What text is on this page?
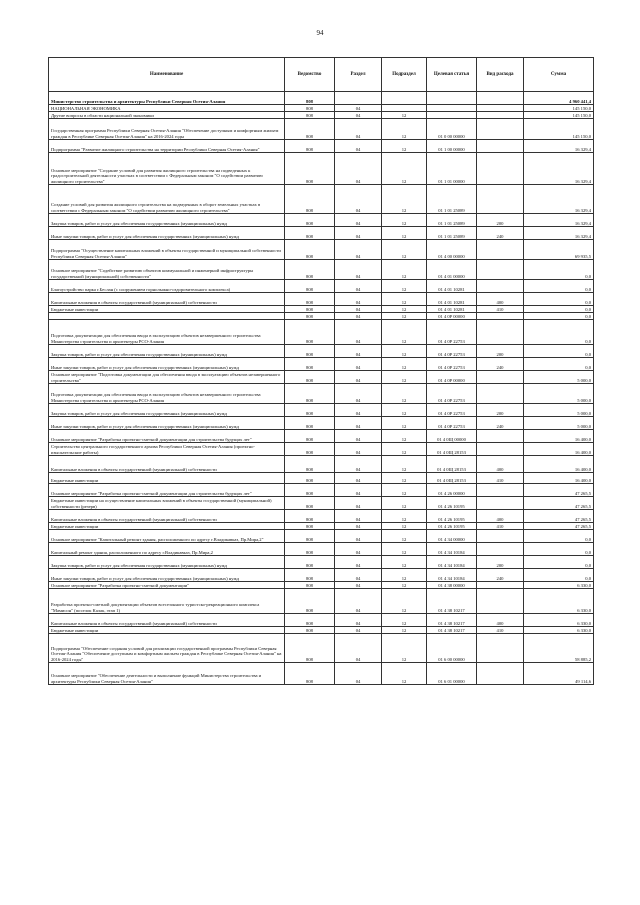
94
Наименование	Ведомство	Раздел	Подраздел	Целевая статья	Вид расхода	Сумма
Министерство строительства и архитектуры Республики Северная Осетия-Алания	808					4 960 441,4
НАЦИОНАЛЬНАЯ ЭКОНОМИКА	808	04				145 150,0
Другие вопросы в области национальной экономики	808	04	12			145 150,0
Государственная программа Республики Северная Осетия-Алания "Обеспечение доступным и комфортным жильем граждан в Республике Северная Осетия-Алания" на 2016-2024 годы	808	04	12	01 0 00 00000		145 150,0
Подпрограмма "Развитие жилищного строительства на территории Республики Северная Осетия-Алания"	808	04	12	01 1 00 00000		16 329,4
Основное мероприятие "Создание условий для развития жилищного строительства на подведенных к градостроительной деятельности участках в соответствии с Федеральным законом "О содействии развитию жилищного строительства"	808	04	12	01 1 01 00000		16 329,4
Создание условий для развития жилищного строительства на подведенных в оборот земельных участках в соответствии с Федеральным законом "О содействии развитию жилищного строительства"	808	04	12	01 1 01 25089		16 329,4
Закупка товаров, работ и услуг для обеспечения государственных (муниципальных) нужд	808	04	12	01 1 01 25089	200	16 329,4
Иные закупки товаров, работ и услуг для обеспечения государственных (муниципальных) нужд	808	04	12	01 1 01 25089	240	16 329,4
Подпрограмма "Осуществление капитальных вложений в объекты государственной и муниципальной собственности Республики Северная Осетия-Алания"	808	04	12	01 4 00 00000		69 935,5
Основное мероприятие "Содействие развитию объектов коммунальной и инженерной инфраструктуры государственной (муниципальной) собственности"	808	04	12	01 4 01 00000		0,0
Благоустройство парка г.Беслан (с сооружением горнолыжно-оздоровительного комплекса)	808	04	12	01 4 01 10281		0,0
Капитальные вложения в объекты государственной (муниципальной) собственности	808	04	12	01 4 01 10281	400	0,0
Бюджетные инвестиции	808	04	12	01 4 01 10281	410	0,0
	808	04	12	01 4 0P 00000		0,0
Подготовка документации для обеспечения ввода в эксплуатацию объектов незавершенного строительства Министерства строительства и архитектуры РСО-Алания	808	04	12	01 4 0P 22753		0,0
Закупка товаров, работ и услуг для обеспечения государственных (муниципальных) нужд	808	04	12	01 4 0P 22753	200	0,0
Иные закупки товаров, работ и услуг для обеспечения государственных (муниципальных) нужд	808	04	12	01 4 0P 22753	240	0,0
Основное мероприятие "Подготовка документации для обеспечения ввода в эксплуатацию объектов незавершенного строительства"	808	04	12	01 4 0P 00000		5 000,0
Подготовка документации для обеспечения ввода в эксплуатацию объектов незавершенного строительства Министерства строительства и архитектуры РСО-Алания	808	04	12	01 4 0P 22753		5 000,0
Закупка товаров, работ и услуг для обеспечения государственных (муниципальных) нужд	808	04	12	01 4 0P 22753	200	5 000,0
Иные закупки товаров, работ и услуг для обеспечения государственных (муниципальных) нужд	808	04	12	01 4 0P 22753	240	5 000,0
Основное мероприятие "Разработка проектно-сметной документации для строительства будущих лет"	808	04	12	01 4 0Щ 00000		16 400,0
Строительство центрального государственного архива Республики Северная Осетия-Алания (проектно-изыскательские работы)	808	04	12	01 4 0Щ 28153		16 400,0
Капитальные вложения в объекты государственной (муниципальной) собственности	808	04	12	01 4 0Щ 28153	400	16 400,0
Бюджетные инвестиции	808	04	12	01 4 0Щ 28153	410	16 400,0
Основное мероприятие "Разработка проектно-сметной документации для строительства будущих лет"	808	04	12	01 4 26 00000		47 265,5
Бюджетные инвестиции на осуществление капитальных вложений в объекты государственной (муниципальной) собственности (резерв)	808	04	12	01 4 26 10195		47 265,5
Капитальные вложения в объекты государственной (муниципальной) собственности	808	04	12	01 4 26 10195	400	47 265,5
Бюджетные инвестиции	808	04	12	01 4 26 10195	410	47 265,5
Основное мероприятие "Капитальный ремонт здания, расположенного по адресу г.Владикавказ, Пр.Мира,2"	808	04	12	01 4 34 00000		0,0
Капитальный ремонт здания, расположенного по адресу г.Владикавказ, Пр.Мира,2	808	04	12	01 4 34 10184		0,0
Закупка товаров, работ и услуг для обеспечения государственных (муниципальных) нужд	808	04	12	01 4 34 10184	200	0,0
Иные закупки товаров, работ и услуг для обеспечения государственных (муниципальных) нужд	808	04	12	01 4 34 10184	240	0,0
Основное мероприятие "Разработка проектно-сметной документации"	808	04	12	01 4 38 00000		6 330,0
Разработка проектно-сметной документации объектов всесезонного туристско-рекреационного комплекса "Мамисон" (поселок Калак, этап 1)	808	04	12	01 4 38 10217		6 330,0
Капитальные вложения в объекты государственной (муниципальной) собственности	808	04	12	01 4 38 10217	400	6 330,0
Бюджетные инвестиции	808	04	12	01 4 38 10217	410	6 330,0
Подпрограмма "Обеспечение создания условий для реализации государственной программы Республики Северная Осетия-Алания "Обеспечение доступным и комфортным жильем граждан в Республике Северная Осетия-Алания" на 2016-2024 годы"	808	04	12	01 6 00 00000		58 885,2
Основное мероприятие "Обеспечение деятельности и выполнение функций Министерства строительства и архитектуры Республики Северная Осетия-Алания"	808	04	12	01 6 01 00000		49 114,6
